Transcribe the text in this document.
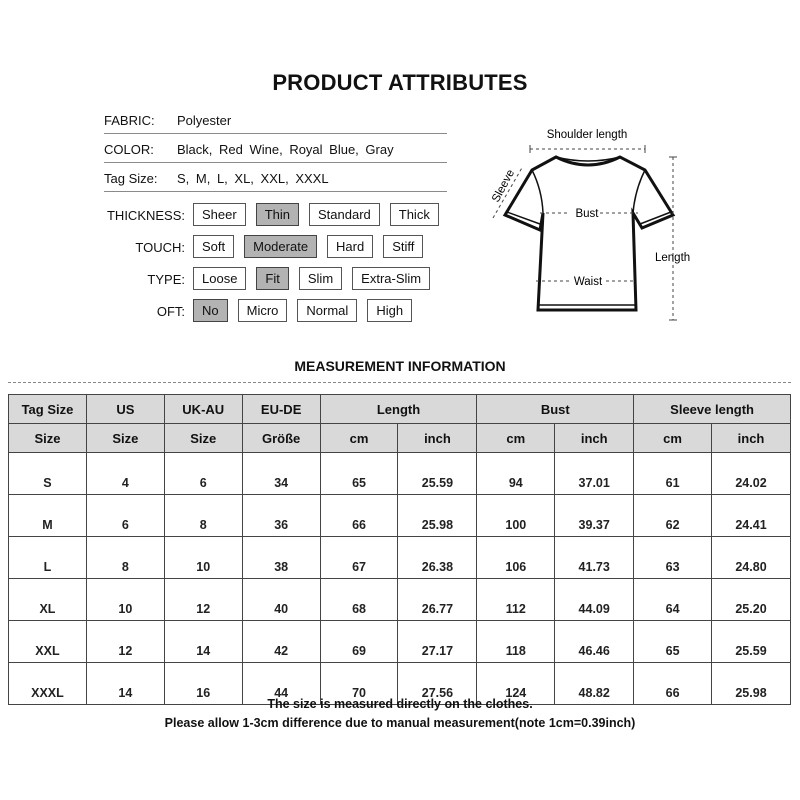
PRODUCT ATTRIBUTES
FABRIC: Polyester
COLOR: Black, Red Wine, Royal Blue, Gray
Tag Size: S, M, L, XL, XXL, XXXL
THICKNESS:	Sheer	Thin	Standard	Thick
TOUCH:	Soft	Moderate	Hard	Stiff
TYPE:	Loose	Fit	Slim	Extra-Slim
OFT:	No	Micro	Normal	High
Shoulder length
Sleeve
Bust
Waist
Length
MEASUREMENT INFORMATION
Tag Size	US	UK-AU	EU-DE	Length		Bust		Sleeve length	
Size	Size	Size	Größe	cm	inch	cm	inch	cm	inch
S	4	6	34	65	25.59	94	37.01	61	24.02
M	6	8	36	66	25.98	100	39.37	62	24.41
L	8	10	38	67	26.38	106	41.73	63	24.80
XL	10	12	40	68	26.77	112	44.09	64	25.20
XXL	12	14	42	69	27.17	118	46.46	65	25.59
XXXL	14	16	44	70	27.56	124	48.82	66	25.98
The size is measured directly on the clothes.
Please allow 1-3cm difference due to manual measurement(note 1cm=0.39inch)
